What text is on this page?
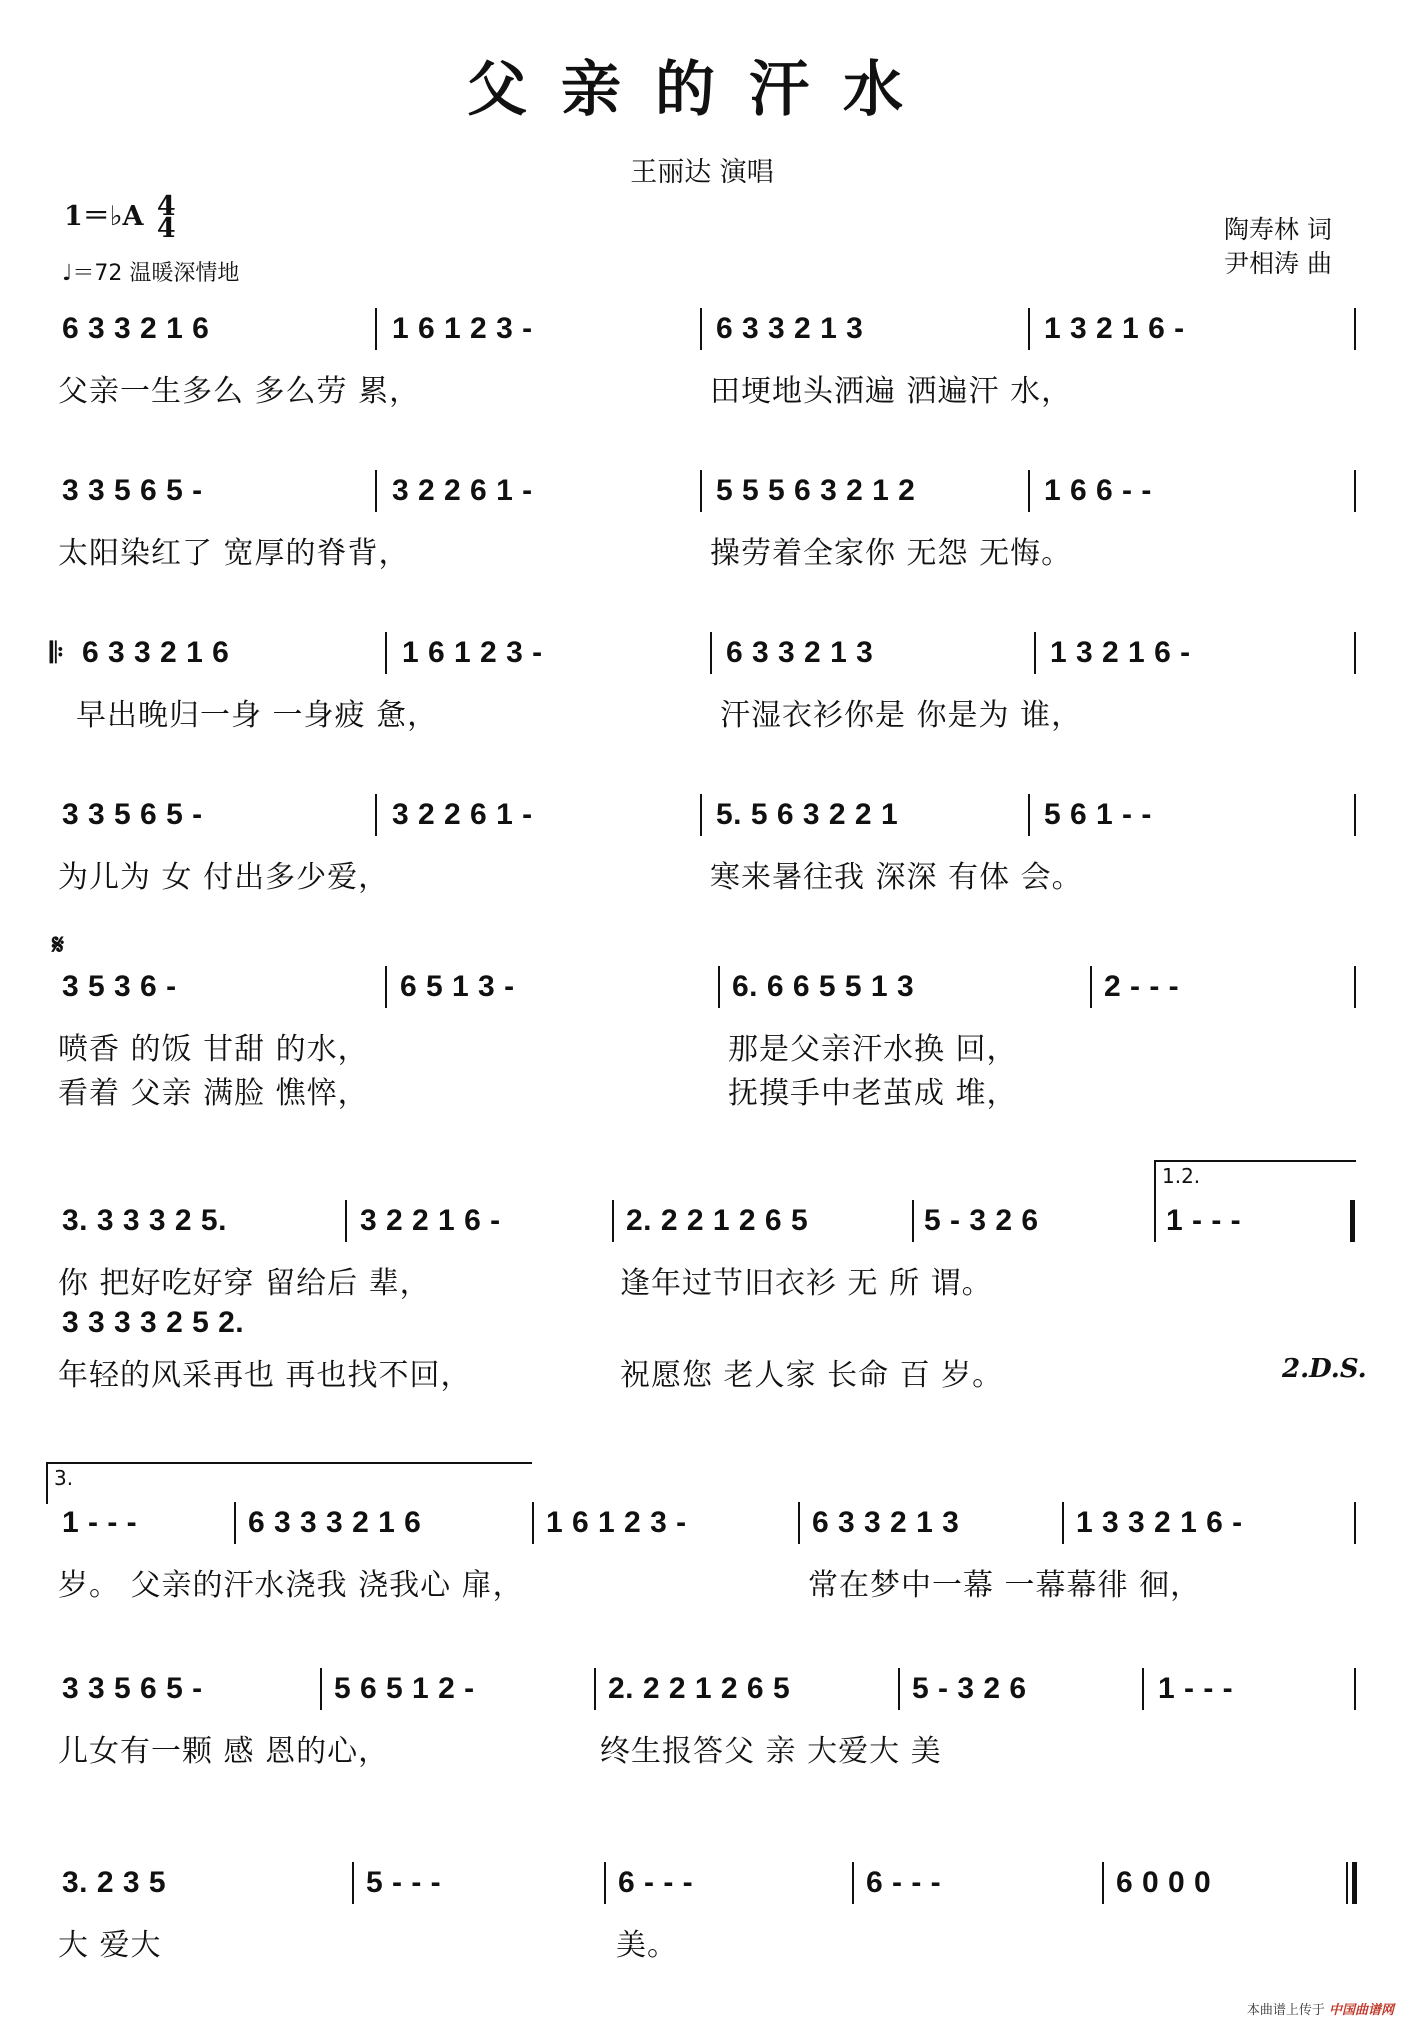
父亲的汗水
王丽达 演唱
1＝♭A 4
4
♩＝72 温暖深情地
陶寿林 词
尹相涛 曲
6 3 3 2 1 6	1 6 1 2 3 -	6 3 3 2 1 3	1 3 2 1 6 -
父亲一生多么 多么劳 累，	田埂地头洒遍 洒遍汗 水，
3 3 5 6 5 -	3 2 2 6 1 -	5 5 5 6 3 2 1 2	1 6 6 - -
太阳染红了 宽厚的脊背，	操劳着全家你 无怨 无悔。
𝄆 6 3 3 2 1 6	1 6 1 2 3 -	6 3 3 2 1 3	1 3 2 1 6 -
早出晚归一身 一身疲 惫，	汗湿衣衫你是 你是为 谁，
3 3 5 6 5 -	3 2 2 6 1 -	5. 5 6 3 2 2 1	5 6 1 - -
为儿为 女 付出多少爱，	寒来暑往我 深深 有体 会。
𝄋
3 5 3 6 -	6 5 1 3 -	6. 6 6 5 5 1 3	2 - - -
喷香 的饭 甘甜 的水，	那是父亲汗水换 回，
看着 父亲 满脸 憔悴，	抚摸手中老茧成 堆，
1.2.
3. 3 3 3 2 5.	3 2 2 1 6 -	2. 2 2 1 2 6 5	5 - 3 2 6	1 - - -
你 把好吃好穿 留给后 辈，	逢年过节旧衣衫 无 所 谓。
3 3 3 3 2 5 2.
年轻的风采再也 再也找不回，	祝愿您 老人家 长命 百 岁。	2.D.S.
3.
1 - - -	6 3 3 3 2 1 6	1 6 1 2 3 -	6 3 3 2 1 3	1 3 3 2 1 6 -
岁。 父亲的汗水浇我 浇我心 扉，	常在梦中一幕 一幕幕徘 徊，
3 3 5 6 5 -	5 6 5 1 2 -	2. 2 2 1 2 6 5	5 - 3 2 6	1 - - -
儿女有一颗 感 恩的心，	终生报答父 亲 大爱大 美
3. 2 3 5	5 - - -	6 - - -	6 - - -	6 0 0 0
大 爱大	美。
本曲谱上传于 中国曲谱网
